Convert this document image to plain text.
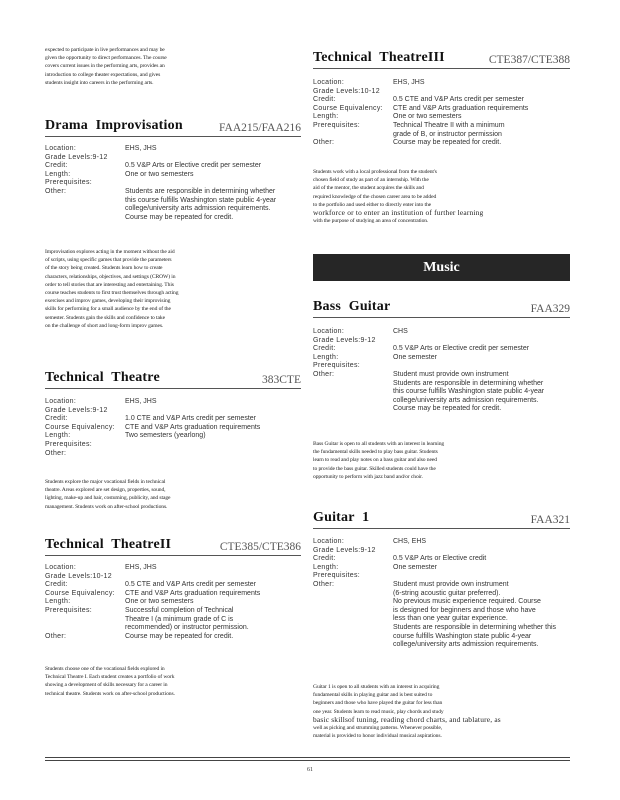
expected to participate in live performances and may be
given the opportunity to direct performances. The course
covers current issues in the performing arts, provides an
introduction to college theater expectations, and gives
students insight into careers in the performing arts.
Drama Improvisation	FAA215/FAA216
Location:	EHS, JHS
Grade Levels:9-12
Credit:	0.5 V&P Arts or Elective credit per semester
Length:	One or two semesters
Prerequisites:
Other:	Students are responsible in determining whether
this course fulfills Washington state public 4-year
college/university arts admission requirements.
Course may be repeated for credit.
Improvisation explores acting in the moment without the aid
of scripts, using specific games that provide the parameters
of the story being created. Students learn how to create
characters, relationships, objectives, and settings (CROW) in
order to tell stories that are interesting and entertaining. This
course teaches students to first trust themselves through acting
exercises and improv games, developing their improvising
skills for performing for a small audience by the end of the
semester. Students gain the skills and confidence to take
on the challenge of short and long-form improv games.
Technical Theatre	383CTE
Location:	EHS, JHS
Grade Levels:9-12
Credit:	1.0 CTE and V&P Arts credit per semester
Course Equivalency:	CTE and V&P Arts graduation requirements
Length:	Two semesters (yearlong)
Prerequisites:
Other:
Students explore the major vocational fields in technical
theatre. Areas explored are set design, properties, sound,
lighting, make-up and hair, costuming, publicity, and stage
management. Students work on after-school productions.
Technical TheatreII	CTE385/CTE386
Location:	EHS, JHS
Grade Levels:10-12
Credit:	0.5 CTE and V&P Arts credit per semester
Course Equivalency:	CTE and V&P Arts graduation requirements
Length:	One or two semesters
Prerequisites:	Successful completion of Technical
Theatre I (a minimum grade of C is
recommended) or instructor permission.
Other:	Course may be repeated for credit.
Students choose one of the vocational fields explored in
Technical Theatre I. Each student creates a portfolio of work
showing a development of skills necessary for a career in
technical theatre. Students work on after-school productions.
Technical TheatreIII	CTE387/CTE388
Location:	EHS, JHS
Grade Levels:10-12
Credit:	0.5 CTE and V&P Arts credit per semester
Course Equivalency:	CTE and V&P Arts graduation requirements
Length:	One or two semesters
Prerequisites:	Technical Theatre II with a minimum
grade of B, or instructor permission
Other:	Course may be repeated for credit.
Students work with a local professional from the student's
chosen field of study as part of an internship. With the
aid of the mentor, the student acquires the skills and
required knowledge of the chosen career area to be added
to the portfolio and used either to directly enter into the
workforce or to enter an institution of further learning
with the purpose of studying an area of concentration.
Music
Bass Guitar	FAA329
Location:	CHS
Grade Levels:9-12
Credit:	0.5 V&P Arts or Elective credit per semester
Length:	One semester
Prerequisites:
Other:	Student must provide own instrument
Students are responsible in determining whether
this course fulfills Washington state public 4-year
college/university arts admission requirements.
Course may be repeated for credit.
Bass Guitar is open to all students with an interest in learning
the fundamental skills needed to play bass guitar. Students
learn to read and play notes on a bass guitar and also need
to provide the bass guitar. Skilled students could have the
opportunity to perform with jazz band and/or choir.
Guitar 1	FAA321
Location:	CHS, EHS
Grade Levels:9-12
Credit:	0.5 V&P Arts or Elective credit
Length:	One semester
Prerequisites:
Other:	Student must provide own instrument
(6-string acoustic guitar preferred).
No previous music experience required. Course
is designed for beginners and those who have
less than one year guitar experience.
Students are responsible in determining whether this
course fulfills Washington state public 4-year
college/university arts admission requirements.
Guitar 1 is open to all students with an interest in acquiring
fundamental skills in playing guitar and is best suited to
beginners and those who have played the guitar for less than
one year. Students learn to read music, play chords and study
basic skillsof tuning, reading chord charts, and tablature, as
well as picking and strumming patterns. Whenever possible,
material is provided to honor individual musical aspirations.
61
